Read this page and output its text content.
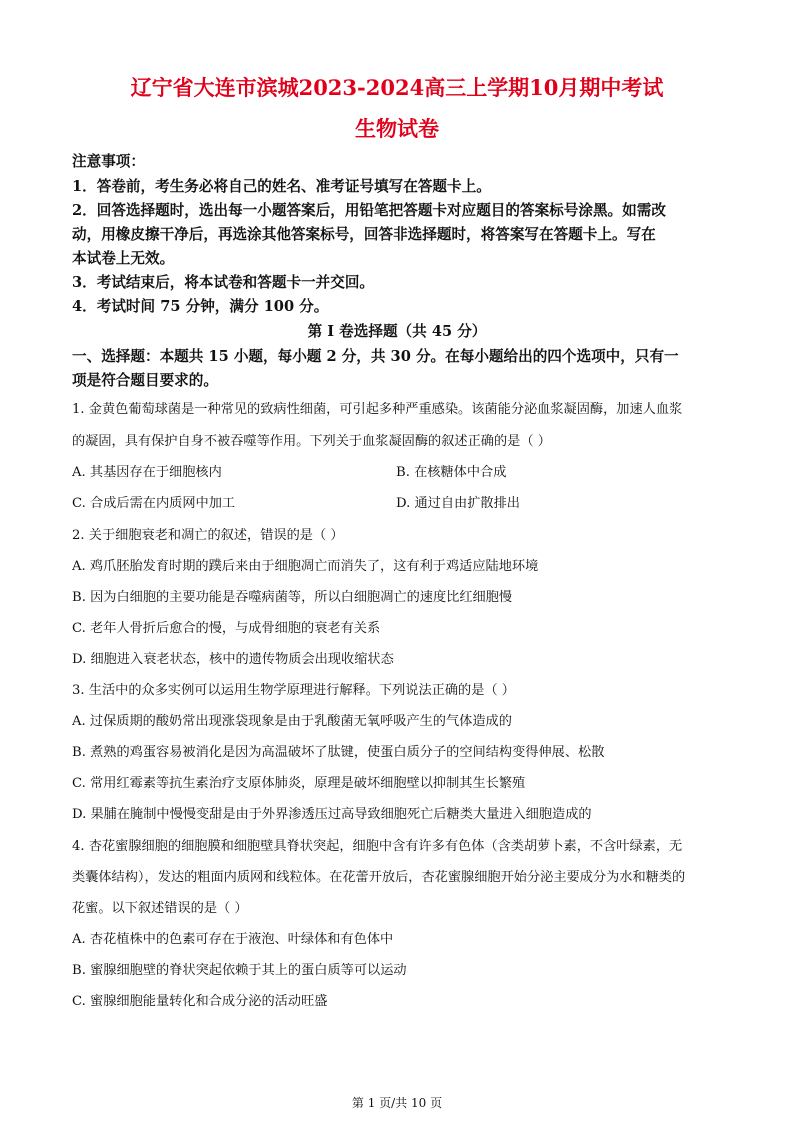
辽宁省大连市滨城2023-2024高三上学期10月期中考试
生物试卷
注意事项：
1．答卷前，考生务必将自己的姓名、准考证号填写在答题卡上。
2．回答选择题时，选出每一小题答案后，用铅笔把答题卡对应题目的答案标号涂黑。如需改
动，用橡皮擦干净后，再选涂其他答案标号，回答非选择题时，将答案写在答题卡上。写在
本试卷上无效。
3．考试结束后，将本试卷和答题卡一并交回。
4．考试时间 75 分钟，满分 100 分。
第 I 卷选择题（共 45 分）
一、选择题：本题共 15 小题，每小题 2 分，共 30 分。在每小题给出的四个选项中，只有一
项是符合题目要求的。
1. 金黄色葡萄球菌是一种常见的致病性细菌，可引起多种严重感染。该菌能分泌血浆凝固酶，加速人血浆
的凝固，具有保护自身不被吞噬等作用。下列关于血浆凝固酶的叙述正确的是（ ）
A. 其基因存在于细胞核内	B. 在核糖体中合成
C. 合成后需在内质网中加工	D. 通过自由扩散排出
2. 关于细胞衰老和凋亡的叙述，错误的是（ ）
A. 鸡爪胚胎发育时期的蹼后来由于细胞凋亡而消失了，这有利于鸡适应陆地环境
B. 因为白细胞的主要功能是吞噬病菌等，所以白细胞凋亡的速度比红细胞慢
C. 老年人骨折后愈合的慢，与成骨细胞的衰老有关系
D. 细胞进入衰老状态，核中的遗传物质会出现收缩状态
3. 生活中的众多实例可以运用生物学原理进行解释。下列说法正确的是（ ）
A. 过保质期的酸奶常出现涨袋现象是由于乳酸菌无氧呼吸产生的气体造成的
B. 煮熟的鸡蛋容易被消化是因为高温破坏了肽键，使蛋白质分子的空间结构变得伸展、松散
C. 常用红霉素等抗生素治疗支原体肺炎，原理是破坏细胞壁以抑制其生长繁殖
D. 果脯在腌制中慢慢变甜是由于外界渗透压过高导致细胞死亡后糖类大量进入细胞造成的
4. 杏花蜜腺细胞的细胞膜和细胞壁具脊状突起，细胞中含有许多有色体（含类胡萝卜素，不含叶绿素，无
类囊体结构），发达的粗面内质网和线粒体。在花蕾开放后，杏花蜜腺细胞开始分泌主要成分为水和糖类的
花蜜。以下叙述错误的是（ ）
A. 杏花植株中的色素可存在于液泡、叶绿体和有色体中
B. 蜜腺细胞壁的脊状突起依赖于其上的蛋白质等可以运动
C. 蜜腺细胞能量转化和合成分泌的活动旺盛
第 1 页/共 10 页
